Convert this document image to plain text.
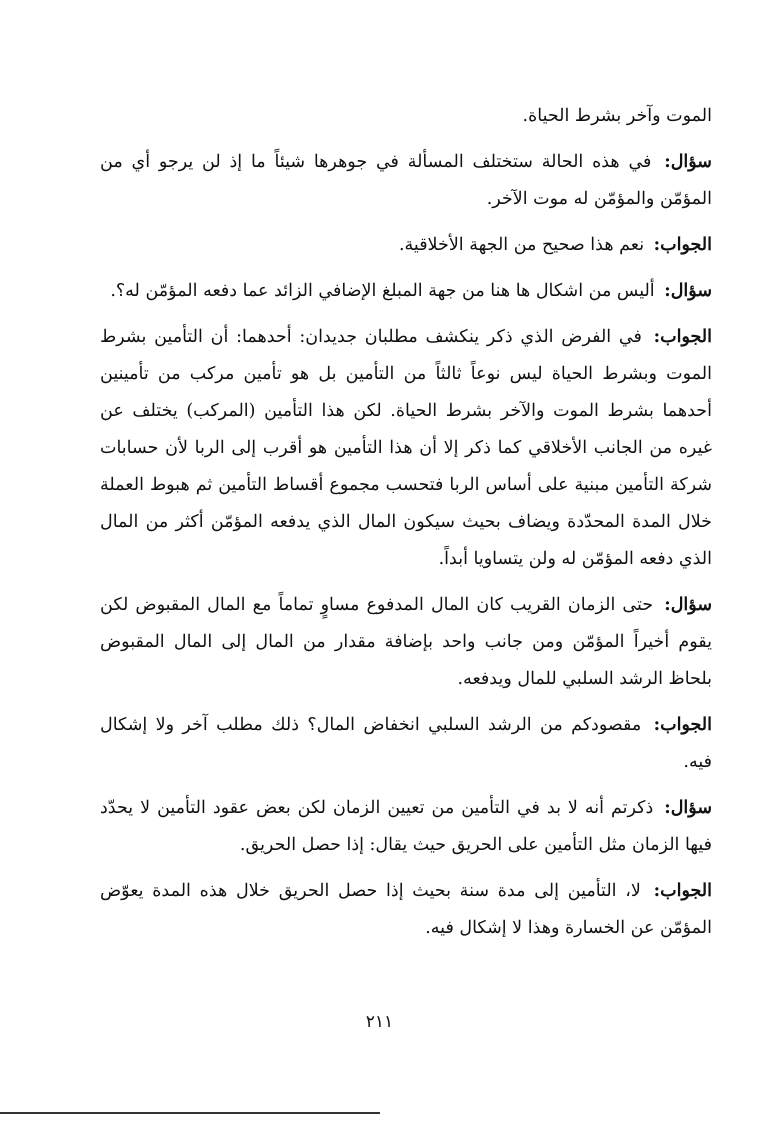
الموت وآخر بشرط الحياة.

سؤال: في هذه الحالة ستختلف المسألة في جوهرها شيئاً ما إذ لن يرجو أي من المؤمّن والمؤمّن له موت الآخر.

الجواب: نعم هذا صحيح من الجهة الأخلاقية.

سؤال: أليس من اشكال ها هنا من جهة المبلغ الإضافي الزائد عما دفعه المؤمّن له؟.

الجواب: في الفرض الذي ذكر ينكشف مطلبان جديدان: أحدهما: أن التأمين بشرط الموت وبشرط الحياة ليس نوعاً ثالثاً من التأمين بل هو تأمين مركب من تأمينين أحدهما بشرط الموت والآخر بشرط الحياة. لكن هذا التأمين (المركب) يختلف عن غيره من الجانب الأخلاقي كما ذكر إلا أن هذا التأمين هو أقرب إلى الربا لأن حسابات شركة التأمين مبنية على أساس الربا فتحسب مجموع أقساط التأمين ثم هبوط العملة خلال المدة المحدّدة ويضاف بحيث سيكون المال الذي يدفعه المؤمّن أكثر من المال الذي دفعه المؤمّن له ولن يتساويا أبداً.

سؤال: حتى الزمان القريب كان المال المدفوع مساوٍ تماماً مع المال المقبوض لكن يقوم أخيراً المؤمّن ومن جانب واحد بإضافة مقدار من المال إلى المال المقبوض بلحاظ الرشد السلبي للمال ويدفعه.

الجواب: مقصودكم من الرشد السلبي انخفاض المال؟ ذلك مطلب آخر ولا إشكال فيه.

سؤال: ذكرتم أنه لا بد في التأمين من تعيين الزمان لكن بعض عقود التأمين لا يحدّد فيها الزمان مثل التأمين على الحريق حيث يقال: إذا حصل الحريق.

الجواب: لا، التأمين إلى مدة سنة بحيث إذا حصل الحريق خلال هذه المدة يعوّض المؤمّن عن الخسارة وهذا لا إشكال فيه.

٢١١
